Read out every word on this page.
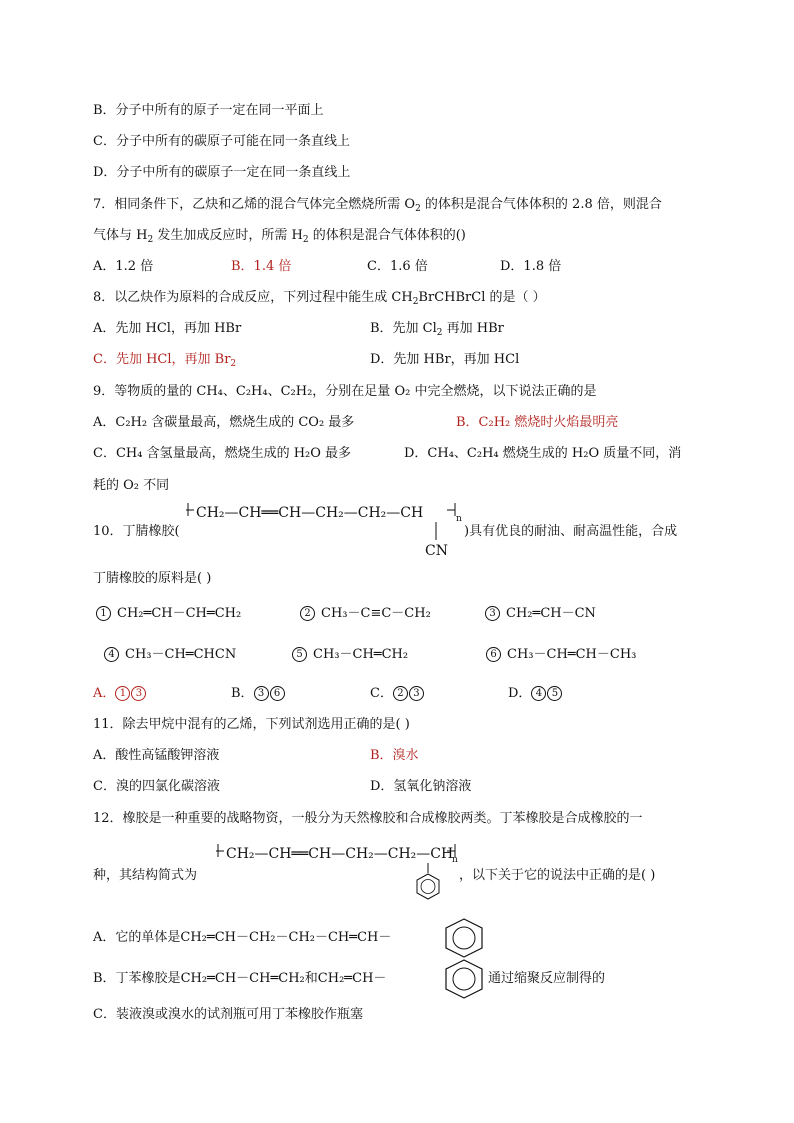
B．分子中所有的原子一定在同一平面上
C．分子中所有的碳原子可能在同一条直线上
D．分子中所有的碳原子一定在同一条直线上
7．相同条件下，乙炔和乙烯的混合气体完全燃烧所需 $O_2$ 的体积是混合气体体积的 2.8 倍，则混合
气体与 $H_2$ 发生加成反应时，所需 $H_2$ 的体积是混合气体体积的()
A．1.2 倍	B．1.4 倍	C．1.6 倍	D．1.8 倍
8．以乙炔作为原料的合成反应，下列过程中能生成 $CH_2BrCHBrCl$ 的是（ ）
A．先加 HCl，再加 HBr	B．先加 $Cl_2$ 再加 HBr
C．先加 HCl，再加 $Br_2$	D．先加 HBr，再加 HCl
9．等物质的量的 CH₄、C₂H₄、C₂H₂，分别在足量 O₂ 中完全燃烧，以下说法正确的是
A．C₂H₂ 含碳量最高，燃烧生成的 CO₂ 最多	B．C₂H₂ 燃烧时火焰最明亮
C．CH₄ 含氢量最高，燃烧生成的 H₂O 最多	D．CH₄、C₂H₄ 燃烧生成的 H₂O 质量不同，消
耗的 O₂ 不同
10．丁腈橡胶(
CH₂—CH══CH—CH₂—CH₂—CH	n
CN
)具有优良的耐油、耐高温性能，合成
丁腈橡胶的原料是( )
1 CH₂═CH－CH═CH₂	2 CH₃－C≡C－CH₂	3 CH₂═CH－CN
4 CH₃－CH═CHCN	5 CH₃－CH═CH₂	6 CH₃－CH═CH－CH₃
A． 1 3	B． 3 6	C． 2 3	D． 4 5
11．除去甲烷中混有的乙烯，下列试剂选用正确的是( )
A．酸性高锰酸钾溶液	B．溴水
C．溴的四氯化碳溶液	D．氢氧化钠溶液
12．橡胶是一种重要的战略物资，一般分为天然橡胶和合成橡胶两类。丁苯橡胶是合成橡胶的一
CH₂—CH══CH—CH₂—CH₂—CH
n
种，其结构简式为	，以下关于它的说法中正确的是( )
A．它的单体是CH₂═CH－CH₂－CH₂－CH═CH－
B．丁苯橡胶是CH₂═CH－CH═CH₂和CH₂═CH－	通过缩聚反应制得的
C．装液溴或溴水的试剂瓶可用丁苯橡胶作瓶塞
